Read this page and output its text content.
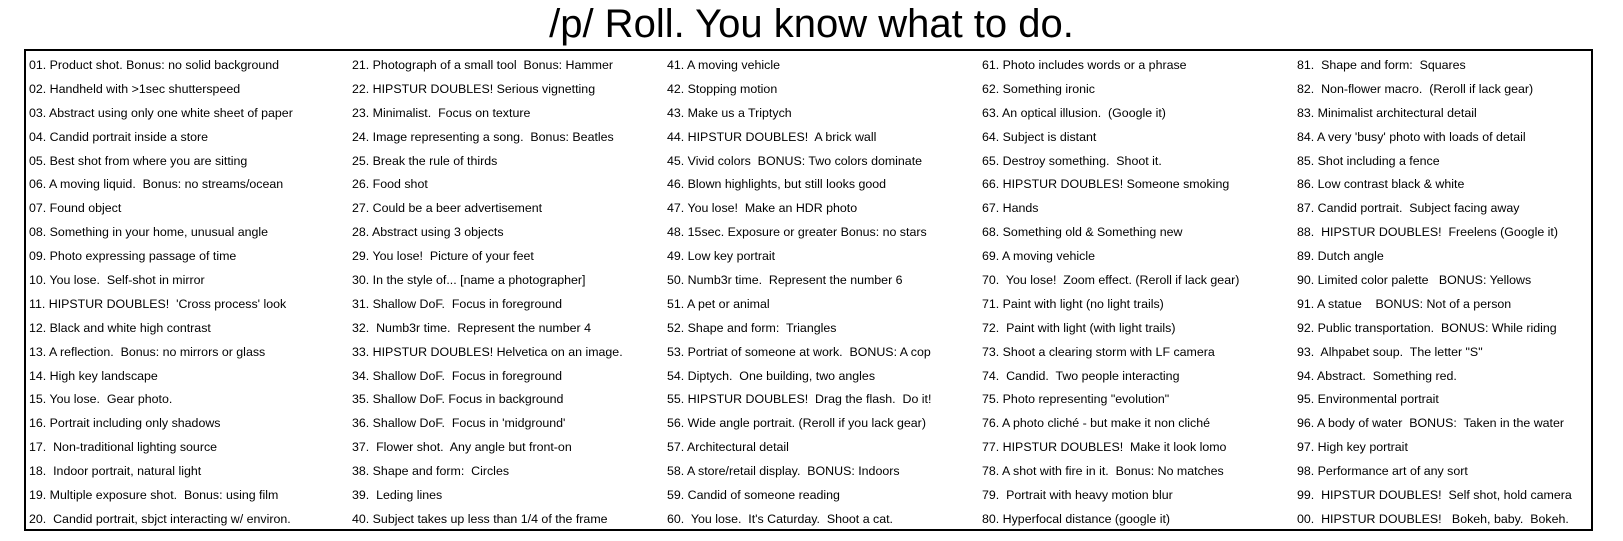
/p/ Roll. You know what to do.
01. Product shot. Bonus: no solid background
02. Handheld with >1sec shutterspeed
03. Abstract using only one white sheet of paper
04. Candid portrait inside a store
05. Best shot from where you are sitting
06. A moving liquid.  Bonus: no streams/ocean
07. Found object
08. Something in your home, unusual angle
09. Photo expressing passage of time
10. You lose.  Self-shot in mirror
11. HIPSTUR DOUBLES!  'Cross process' look
12. Black and white high contrast
13. A reflection.  Bonus: no mirrors or glass
14. High key landscape
15. You lose.  Gear photo.
16. Portrait including only shadows
17.  Non-traditional lighting source
18.  Indoor portrait, natural light
19. Multiple exposure shot.  Bonus: using film
20.  Candid portrait, sbjct interacting w/ environ.
21. Photograph of a small tool  Bonus: Hammer
22. HIPSTUR DOUBLES! Serious vignetting
23. Minimalist.  Focus on texture
24. Image representing a song.  Bonus: Beatles
25. Break the rule of thirds
26. Food shot
27. Could be a beer advertisement
28. Abstract using 3 objects
29. You lose!  Picture of your feet
30. In the style of... [name a photographer]
31. Shallow DoF.  Focus in foreground
32.  Numb3r time.  Represent the number 4
33. HIPSTUR DOUBLES! Helvetica on an image.
34. Shallow DoF.  Focus in foreground
35. Shallow DoF. Focus in background
36. Shallow DoF.  Focus in 'midground'
37.  Flower shot.  Any angle but front-on
38. Shape and form:  Circles
39.  Leding lines
40. Subject takes up less than 1/4 of the frame
41. A moving vehicle
42. Stopping motion
43. Make us a Triptych
44. HIPSTUR DOUBLES!  A brick wall
45. Vivid colors  BONUS: Two colors dominate
46. Blown highlights, but still looks good
47. You lose!  Make an HDR photo
48. 15sec. Exposure or greater Bonus: no stars
49. Low key portrait
50. Numb3r time.  Represent the number 6
51. A pet or animal
52. Shape and form:  Triangles
53. Portriat of someone at work.  BONUS: A cop
54. Diptych.  One building, two angles
55. HIPSTUR DOUBLES!  Drag the flash.  Do it!
56. Wide angle portrait. (Reroll if you lack gear)
57. Architectural detail
58. A store/retail display.  BONUS: Indoors
59. Candid of someone reading
60.  You lose.  It's Caturday.  Shoot a cat.
61. Photo includes words or a phrase
62. Something ironic
63. An optical illusion.  (Google it)
64. Subject is distant
65. Destroy something.  Shoot it.
66. HIPSTUR DOUBLES! Someone smoking
67. Hands
68. Something old & Something new
69. A moving vehicle
70.  You lose!  Zoom effect. (Reroll if lack gear)
71. Paint with light (no light trails)
72.  Paint with light (with light trails)
73. Shoot a clearing storm with LF camera
74.  Candid.  Two people interacting
75. Photo representing "evolution"
76. A photo cliché - but make it non cliché
77. HIPSTUR DOUBLES!  Make it look lomo
78. A shot with fire in it.  Bonus: No matches
79.  Portrait with heavy motion blur
80. Hyperfocal distance (google it)
81.  Shape and form:  Squares
82.  Non-flower macro.  (Reroll if lack gear)
83. Minimalist architectural detail
84. A very 'busy' photo with loads of detail
85. Shot including a fence
86. Low contrast black & white
87. Candid portrait.  Subject facing away
88.  HIPSTUR DOUBLES!  Freelens (Google it)
89. Dutch angle
90. Limited color palette   BONUS: Yellows
91. A statue    BONUS: Not of a person
92. Public transportation.  BONUS: While riding
93.  Alhpabet soup.  The letter "S"
94. Abstract.  Something red.
95. Environmental portrait
96. A body of water  BONUS:  Taken in the water
97. High key portrait
98. Performance art of any sort
99.  HIPSTUR DOUBLES!  Self shot, hold camera
00.  HIPSTUR DOUBLES!   Bokeh, baby.  Bokeh.
